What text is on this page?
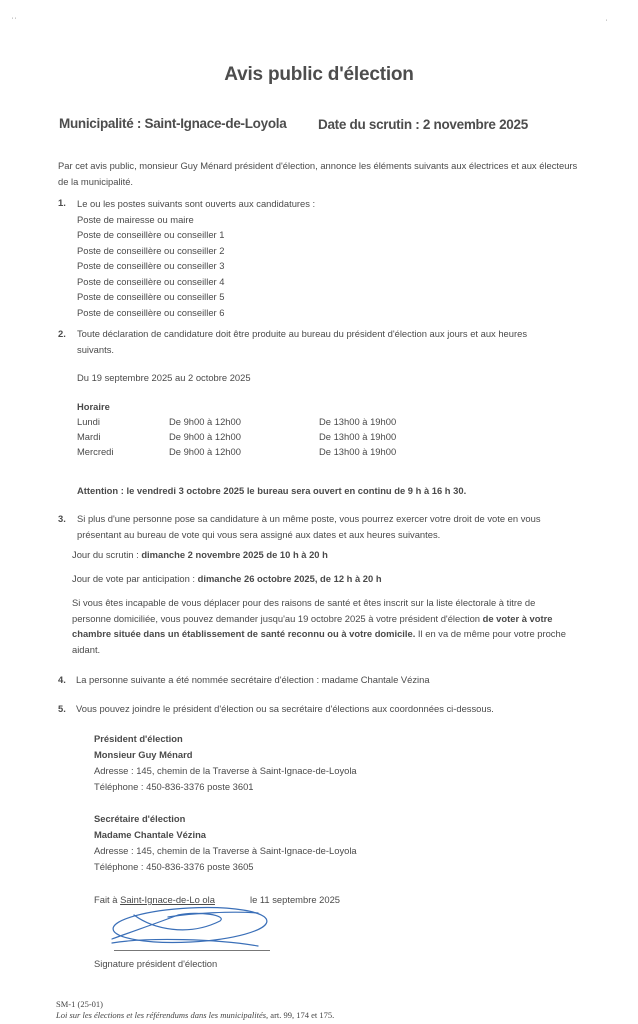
' '	'
Avis public d'élection
Municipalité : Saint-Ignace-de-Loyola Date du scrutin : 2 novembre 2025
Par cet avis public, monsieur Guy Ménard président d'élection, annonce les éléments suivants aux électrices et aux électeurs de la municipalité.
1. Le ou les postes suivants sont ouverts aux candidatures :
Poste de mairesse ou maire
Poste de conseillère ou conseiller 1
Poste de conseillère ou conseiller 2
Poste de conseillère ou conseiller 3
Poste de conseillère ou conseiller 4
Poste de conseillère ou conseiller 5
Poste de conseillère ou conseiller 6
2. Toute déclaration de candidature doit être produite au bureau du président d'élection aux jours et aux heures
suivants.
Du 19 septembre 2025 au 2 octobre 2025
Horaire
Lundi	De 9h00 à 12h00	De 13h00 à 19h00
Mardi	De 9h00 à 12h00	De 13h00 à 19h00
Mercredi	De 9h00 à 12h00	De 13h00 à 19h00
Attention : le vendredi 3 octobre 2025 le bureau sera ouvert en continu de 9 h à 16 h 30.
3. Si plus d'une personne pose sa candidature à un même poste, vous pourrez exercer votre droit de vote en vous
présentant au bureau de vote qui vous sera assigné aux dates et aux heures suivantes.
Jour du scrutin : dimanche 2 novembre 2025 de 10 h à 20 h
Jour de vote par anticipation : dimanche 26 octobre 2025, de 12 h à 20 h
Si vous êtes incapable de vous déplacer pour des raisons de santé et êtes inscrit sur la liste électorale à titre de
personne domiciliée, vous pouvez demander jusqu'au 19 octobre 2025 à votre président d'élection de voter à votre
chambre située dans un établissement de santé reconnu ou à votre domicile. Il en va de même pour votre proche
aidant.
4. La personne suivante a été nommée secrétaire d'élection : madame Chantale Vézina
5. Vous pouvez joindre le président d'élection ou sa secrétaire d'élections aux coordonnées ci-dessous.
Président d'élection
Monsieur Guy Ménard
Adresse : 145, chemin de la Traverse à Saint-Ignace-de-Loyola
Téléphone : 450-836-3376 poste 3601
Secrétaire d'élection
Madame Chantale Vézina
Adresse : 145, chemin de la Traverse à Saint-Ignace-de-Loyola
Téléphone : 450-836-3376 poste 3605
Fait à Saint-Ignace-de-Lo ola	le 11 septembre 2025
Signature président d'élection
SM-1 (25-01)
Loi sur les élections et les référendums dans les municipalités, art. 99, 174 et 175.
